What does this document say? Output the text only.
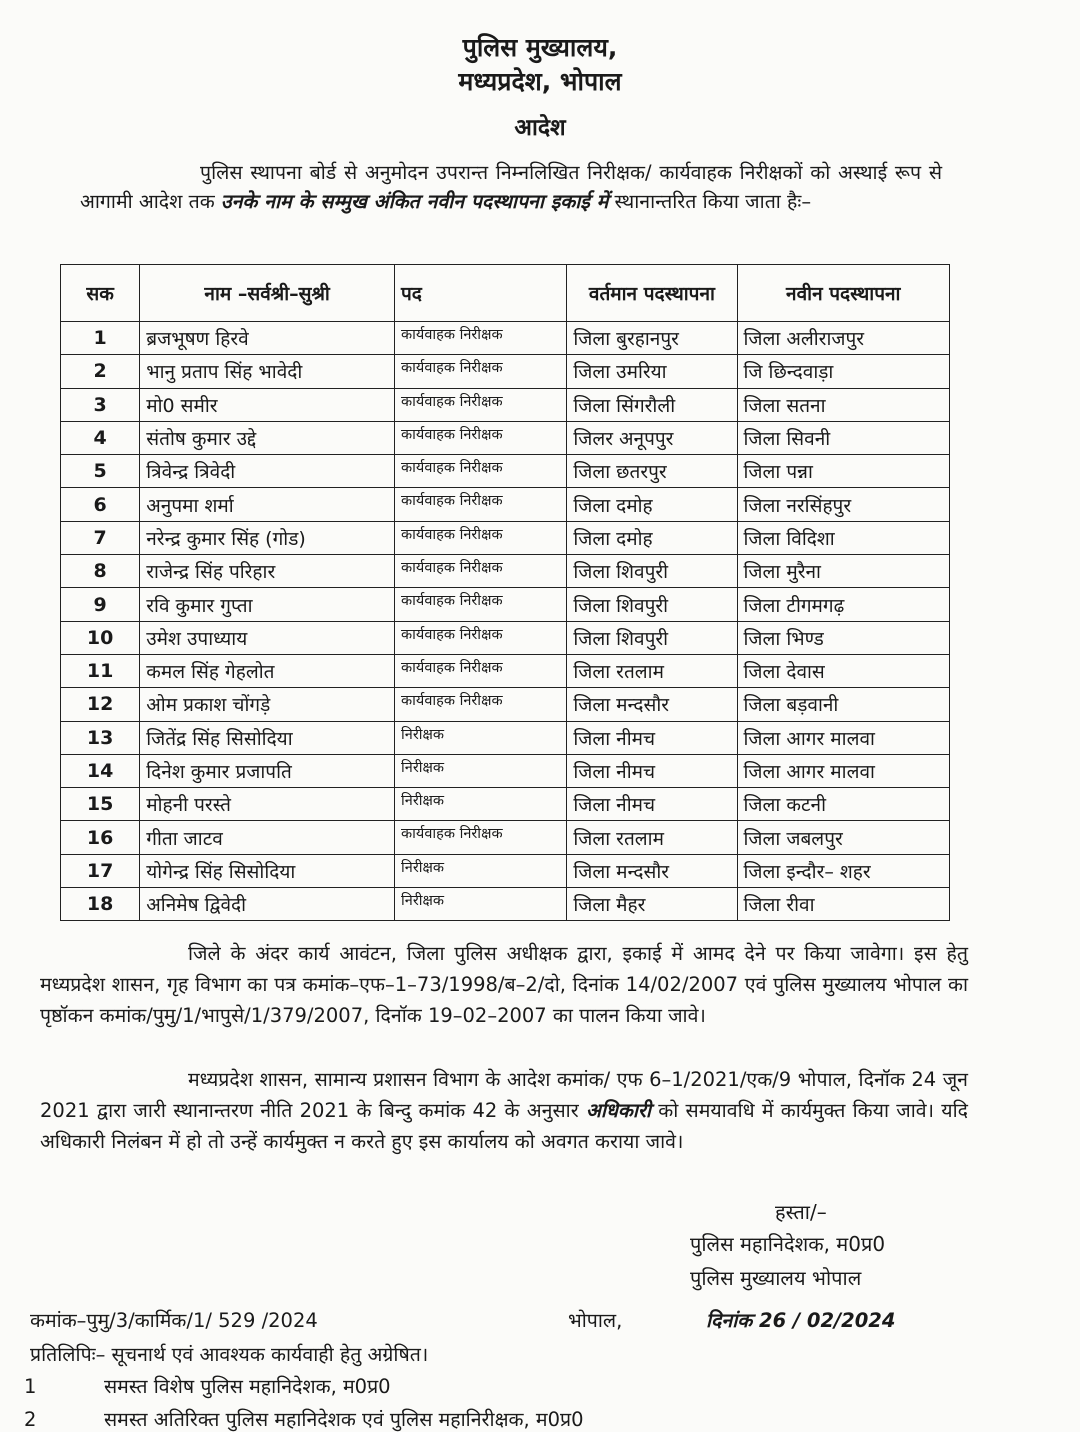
पुलिस मुख्यालय,
मध्यप्रदेश, भोपाल
आदेश
पुलिस स्थापना बोर्ड से अनुमोदन उपरान्त निम्नलिखित निरीक्षक/ कार्यवाहक निरीक्षकों को अस्थाई रूप से आगामी आदेश तक उनके नाम के सम्मुख अंकित नवीन पदस्थापना इकाई में स्थानान्तरित किया जाता हैः–
सक	नाम –सर्वश्री–सुश्री	पद	वर्तमान पदस्थापना	नवीन पदस्थापना
1	ब्रजभूषण हिरवे	कार्यवाहक निरीक्षक	जिला बुरहानपुर	जिला अलीराजपुर
2	भानु प्रताप सिंह भावेदी	कार्यवाहक निरीक्षक	जिला उमरिया	जि छिन्दवाड़ा
3	मो0 समीर	कार्यवाहक निरीक्षक	जिला सिंगरौली	जिला सतना
4	संतोष कुमार उद्दे	कार्यवाहक निरीक्षक	जिलर अनूपपुर	जिला सिवनी
5	त्रिवेन्द्र त्रिवेदी	कार्यवाहक निरीक्षक	जिला छतरपुर	जिला पन्ना
6	अनुपमा शर्मा	कार्यवाहक निरीक्षक	जिला दमोह	जिला नरसिंहपुर
7	नरेन्द्र कुमार सिंह (गोड)	कार्यवाहक निरीक्षक	जिला दमोह	जिला विदिशा
8	राजेन्द्र सिंह परिहार	कार्यवाहक निरीक्षक	जिला शिवपुरी	जिला मुरैना
9	रवि कुमार गुप्ता	कार्यवाहक निरीक्षक	जिला शिवपुरी	जिला टीगमगढ़
10	उमेश उपाध्याय	कार्यवाहक निरीक्षक	जिला शिवपुरी	जिला भिण्ड
11	कमल सिंह गेहलोत	कार्यवाहक निरीक्षक	जिला रतलाम	जिला देवास
12	ओम प्रकाश चोंगड़े	कार्यवाहक निरीक्षक	जिला मन्दसौर	जिला बड़वानी
13	जितेंद्र सिंह सिसोदिया	निरीक्षक	जिला नीमच	जिला आगर मालवा
14	दिनेश कुमार प्रजापति	निरीक्षक	जिला नीमच	जिला आगर मालवा
15	मोहनी परस्ते	निरीक्षक	जिला नीमच	जिला कटनी
16	गीता जाटव	कार्यवाहक निरीक्षक	जिला रतलाम	जिला जबलपुर
17	योगेन्द्र सिंह सिसोदिया	निरीक्षक	जिला मन्दसौर	जिला इन्दौर– शहर
18	अनिमेष द्विवेदी	निरीक्षक	जिला मैहर	जिला रीवा
जिले के अंदर कार्य आवंटन, जिला पुलिस अधीक्षक द्वारा, इकाई में आमद देने पर किया जावेगा। इस हेतु मध्यप्रदेश शासन, गृह विभाग का पत्र कमांक–एफ–1–73/1998/ब–2/दो, दिनांक 14/02/2007 एवं पुलिस मुख्यालय भोपाल का पृष्ठॉकन कमांक/पुमु/1/भापुसे/1/379/2007, दिनॉक 19–02–2007 का पालन किया जावे।
मध्यप्रदेश शासन, सामान्य प्रशासन विभाग के आदेश कमांक/ एफ 6–1/2021/एक/9 भोपाल, दिनॉक 24 जून 2021 द्वारा जारी स्थानान्तरण नीति 2021 के बिन्दु कमांक 42 के अनुसार अधिकारी को समयावधि में कार्यमुक्त किया जावे। यदि अधिकारी निलंबन में हो तो उन्हें कार्यमुक्त न करते हुए इस कार्यालय को अवगत कराया जावे।
हस्ता/–
पुलिस महानिदेशक, म0प्र0
पुलिस मुख्यालय भोपाल
कमांक–पुमु/3/कार्मिक/1/ 529 /2024	भोपाल,	दिनांक 26 / 02/2024
प्रतिलिपिः– सूचनार्थ एवं आवश्यक कार्यवाही हेतु अग्रेषित।
1	समस्त विशेष पुलिस महानिदेशक, म0प्र0
2	समस्त अतिरिक्त पुलिस महानिदेशक एवं पुलिस महानिरीक्षक, म0प्र0
